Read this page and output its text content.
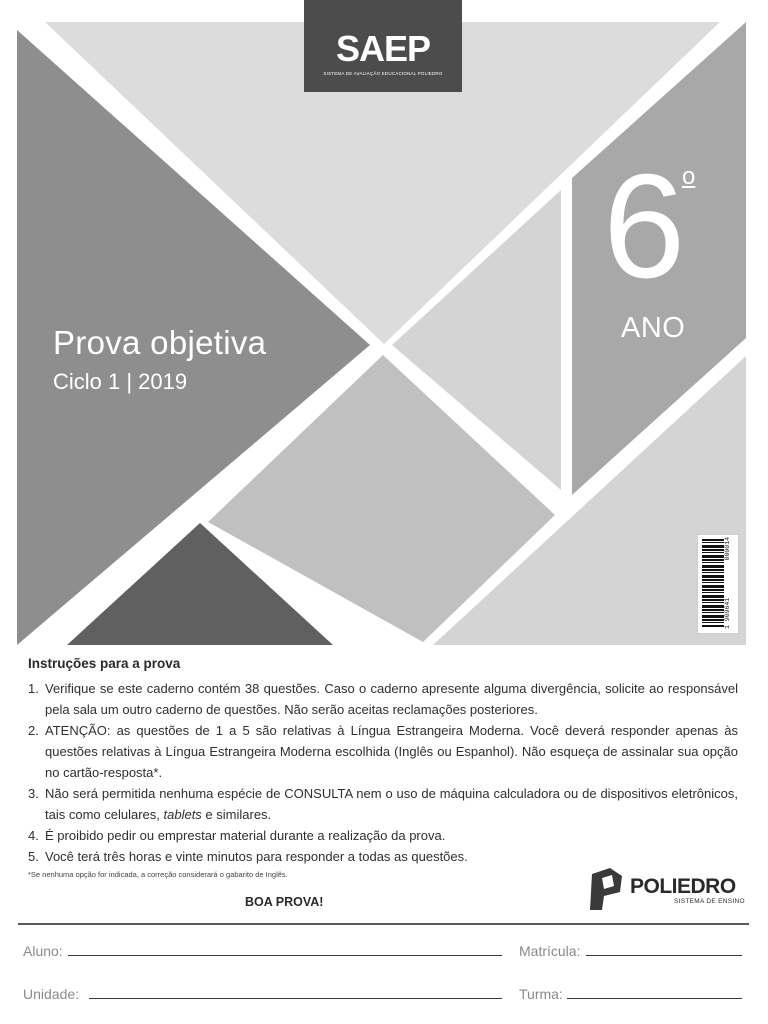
SAEP
SISTEMA DE AVALIAÇÃO EDUCACIONAL POLIEDRO
Prova objetiva
Ciclo 1 | 2019
6
o
ANO
1 909641
000014
Instruções para a prova
1. Verifique se este caderno contém 38 questões. Caso o caderno apresente alguma divergência, solicite ao responsável pela sala um outro caderno de questões. Não serão aceitas reclamações posteriores.
2. ATENÇÃO: as questões de 1 a 5 são relativas à Língua Estrangeira Moderna. Você deverá responder apenas às questões relativas à Língua Estrangeira Moderna escolhida (Inglês ou Espanhol). Não esqueça de assinalar sua opção no cartão-resposta*.
3. Não será permitida nenhuma espécie de CONSULTA nem o uso de máquina calculadora ou de dispositivos eletrônicos, tais como celulares, tablets e similares.
4. É proibido pedir ou emprestar material durante a realização da prova.
5. Você terá três horas e vinte minutos para responder a todas as questões.
*Se nenhuma opção for indicada, a correção considerará o gabarito de Inglês.
BOA PROVA!
POLIEDRO
SISTEMA DE ENSINO
Aluno:	Matrícula:
Unidade:	Turma:
